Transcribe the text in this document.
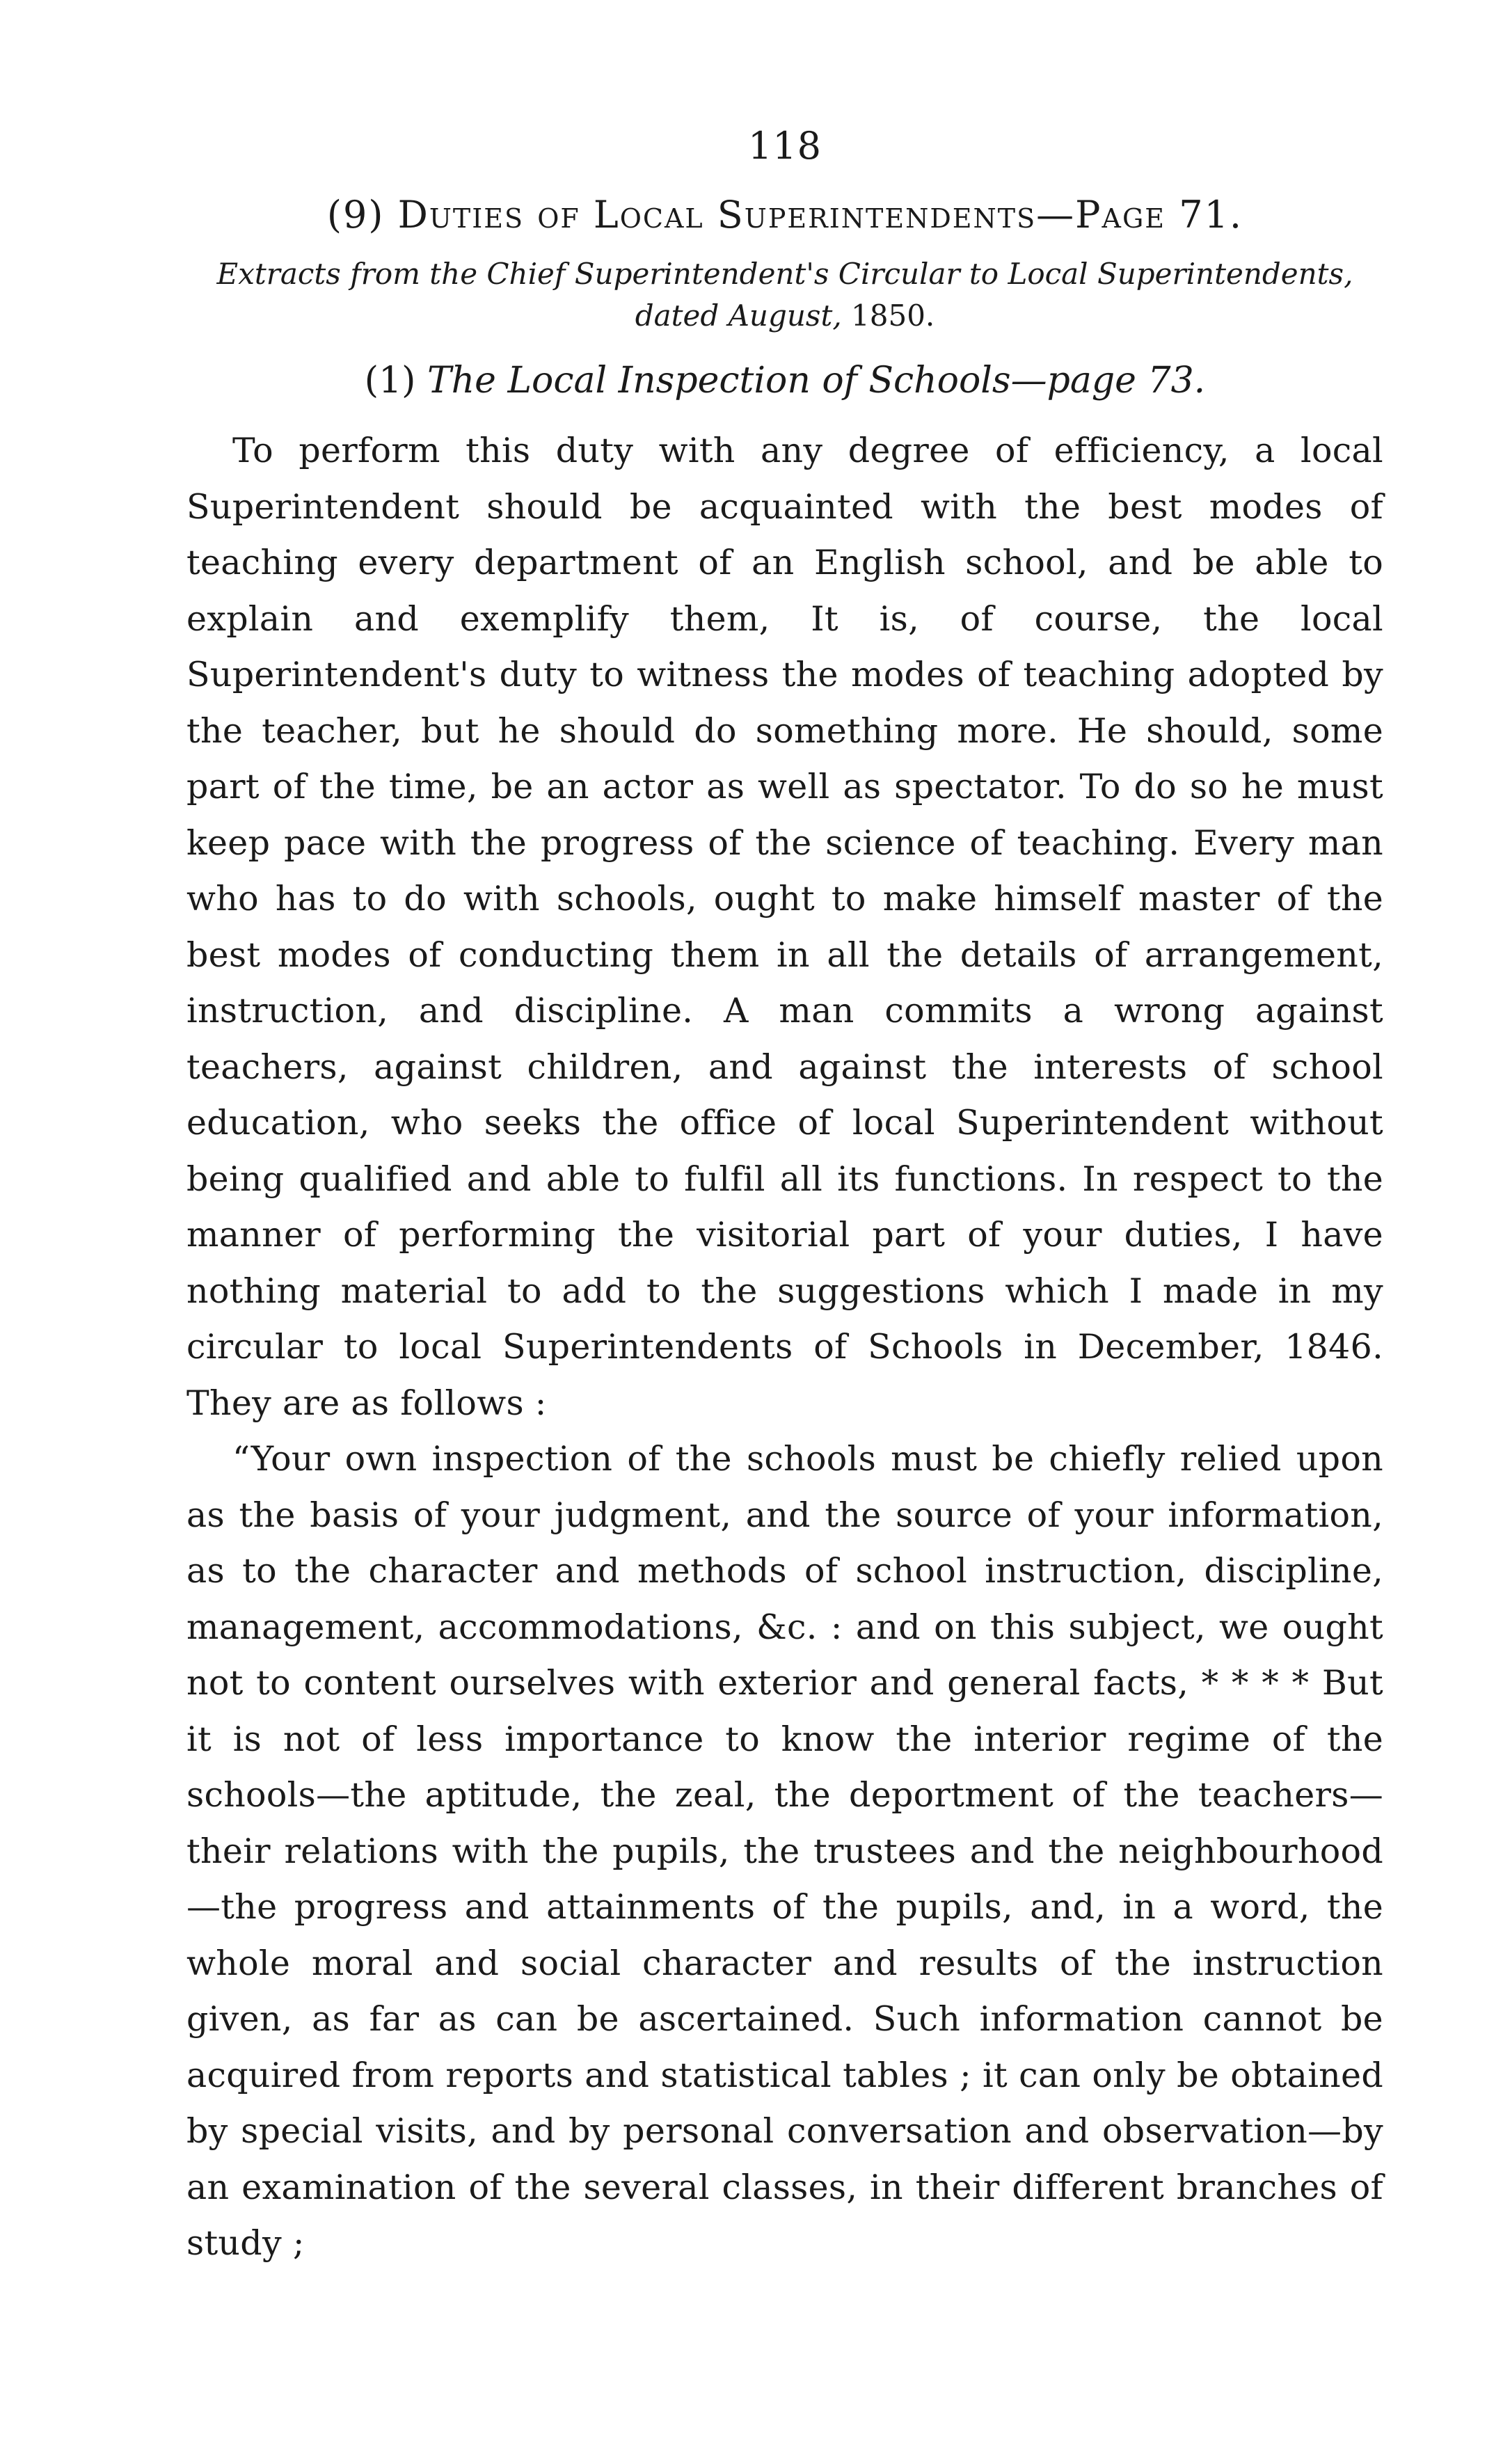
118
(9) Duties of Local Superintendents—Page 71.
Extracts from the Chief Superintendent's Circular to Local Superintendents, dated August, 1850.
(1) The Local Inspection of Schools—page 73.

To perform this duty with any degree of efficiency, a local Superintendent should be acquainted with the best modes of teaching every department of an English school, and be able to explain and exemplify them, It is, of course, the local Superintendent's duty to witness the modes of teaching adopted by the teacher, but he should do something more. He should, some part of the time, be an actor as well as spectator. To do so he must keep pace with the progress of the science of teaching. Every man who has to do with schools, ought to make himself master of the best modes of conducting them in all the details of arrangement, instruction, and discipline. A man commits a wrong against teachers, against children, and against the interests of school education, who seeks the office of local Superintendent without being qualified and able to fulfil all its functions. In respect to the manner of performing the visitorial part of your duties, I have nothing material to add to the suggestions which I made in my circular to local Superintendents of Schools in December, 1846. They are as follows :

“Your own inspection of the schools must be chiefly relied upon as the basis of your judgment, and the source of your information, as to the character and methods of school instruction, discipline, management, accommodations, &c. : and on this subject, we ought not to content ourselves with exterior and general facts, * * * * But it is not of less importance to know the interior regime of the schools—the aptitude, the zeal, the deportment of the teachers—their relations with the pupils, the trustees and the neighbourhood—the progress and attainments of the pupils, and, in a word, the whole moral and social character and results of the instruction given, as far as can be ascertained. Such information cannot be acquired from reports and statistical tables ; it can only be obtained by special visits, and by personal conversation and observation—by an examination of the several classes, in their different branches of study ;
